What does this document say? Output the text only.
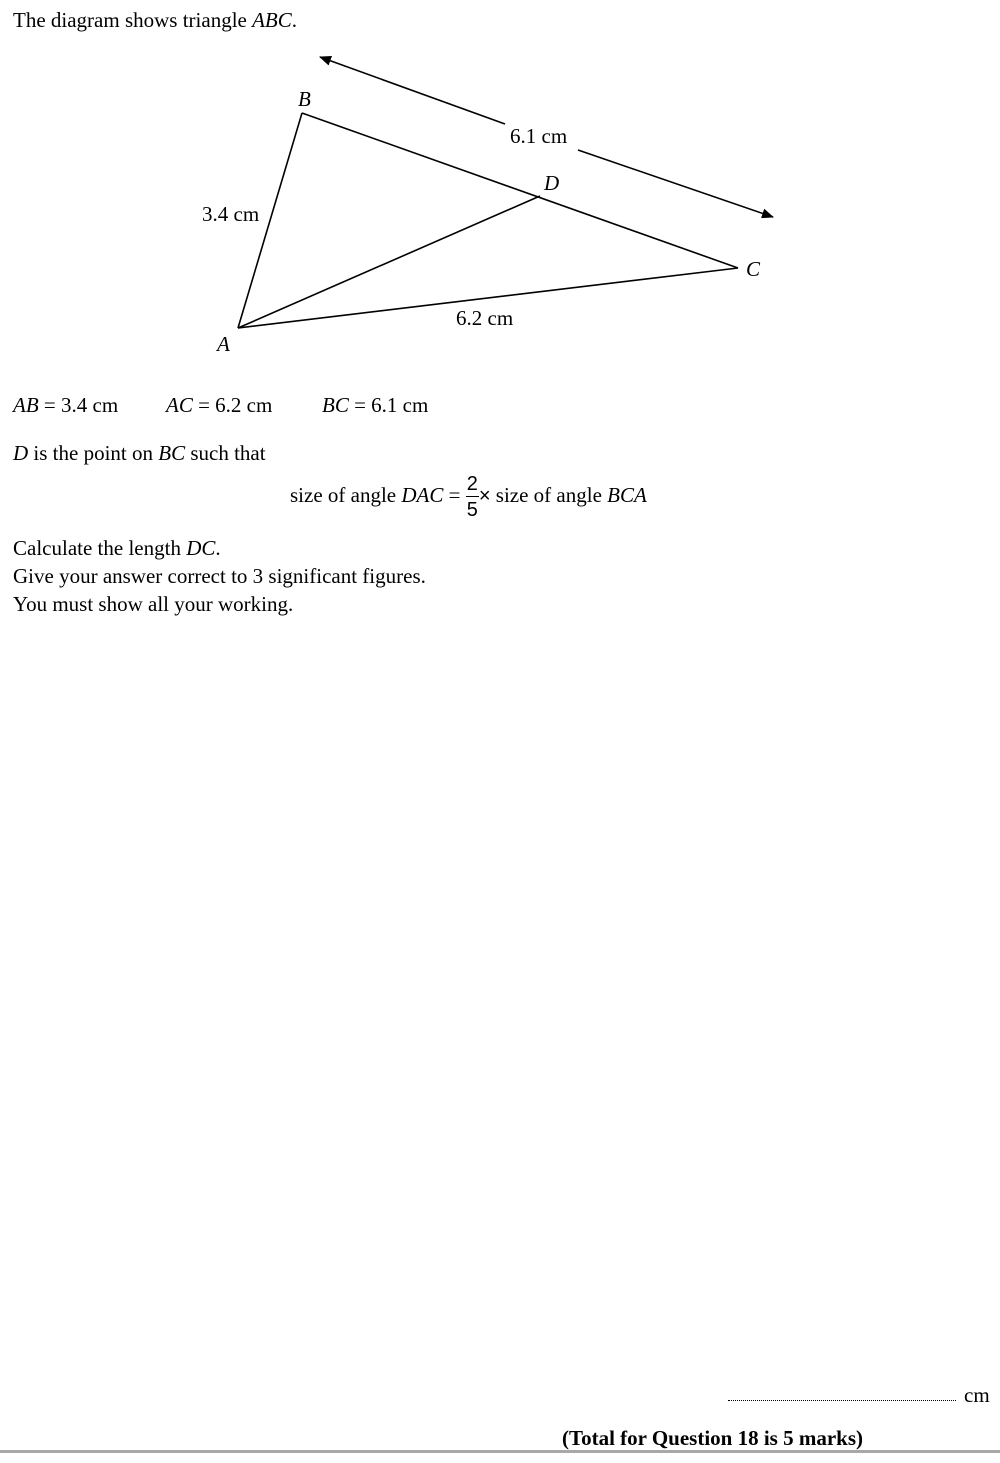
The diagram shows triangle ABC.
B
A
C
D
3.4 cm
6.1 cm
6.2 cm
AB = 3.4 cm AC = 6.2 cm BC = 6.1 cm
D is the point on BC such that
size of angle DAC = $\frac{2}{5}$ × size of angle BCA
Calculate the length DC.
Give your answer correct to 3 significant figures.
You must show all your working.
cm
(Total for Question 18 is 5 marks)
